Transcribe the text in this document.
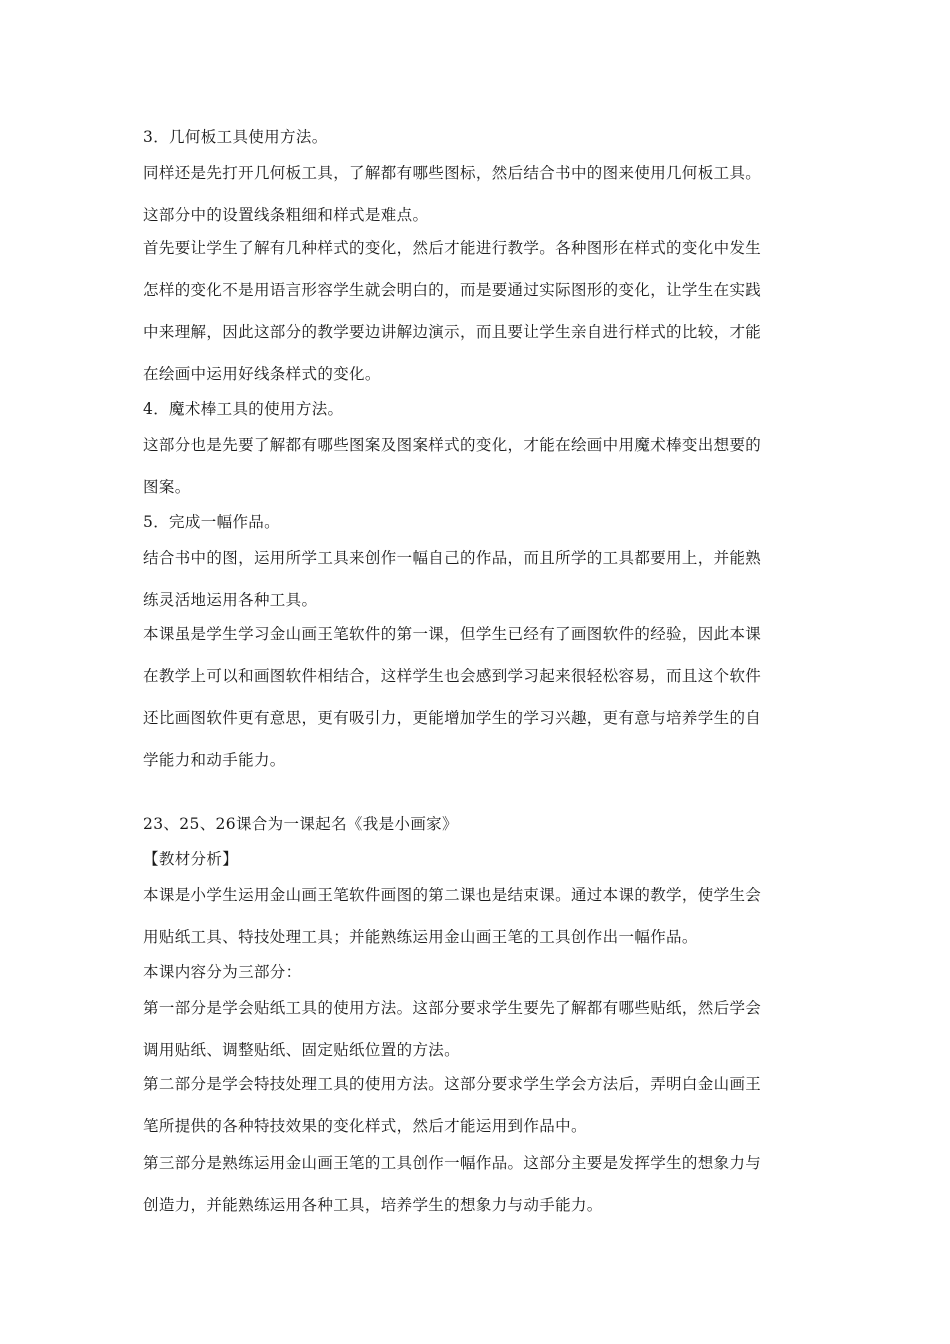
3．几何板工具使用方法。

同样还是先打开几何板工具，了解都有哪些图标，然后结合书中的图来使用几何板工具。

这部分中的设置线条粗细和样式是难点。

首先要让学生了解有几种样式的变化，然后才能进行教学。各种图形在样式的变化中发生

怎样的变化不是用语言形容学生就会明白的，而是要通过实际图形的变化，让学生在实践

中来理解，因此这部分的教学要边讲解边演示，而且要让学生亲自进行样式的比较，才能

在绘画中运用好线条样式的变化。

4．魔术棒工具的使用方法。

这部分也是先要了解都有哪些图案及图案样式的变化，才能在绘画中用魔术棒变出想要的

图案。

5．完成一幅作品。

结合书中的图，运用所学工具来创作一幅自己的作品，而且所学的工具都要用上，并能熟

练灵活地运用各种工具。

本课虽是学生学习金山画王笔软件的第一课，但学生已经有了画图软件的经验，因此本课

在教学上可以和画图软件相结合，这样学生也会感到学习起来很轻松容易，而且这个软件

还比画图软件更有意思，更有吸引力，更能增加学生的学习兴趣，更有意与培养学生的自

学能力和动手能力。

23、25、26课合为一课起名《我是小画家》

【教材分析】

本课是小学生运用金山画王笔软件画图的第二课也是结束课。通过本课的教学，使学生会

用贴纸工具、特技处理工具；并能熟练运用金山画王笔的工具创作出一幅作品。

本课内容分为三部分：

第一部分是学会贴纸工具的使用方法。这部分要求学生要先了解都有哪些贴纸，然后学会

调用贴纸、调整贴纸、固定贴纸位置的方法。

第二部分是学会特技处理工具的使用方法。这部分要求学生学会方法后，弄明白金山画王

笔所提供的各种特技效果的变化样式，然后才能运用到作品中。

第三部分是熟练运用金山画王笔的工具创作一幅作品。这部分主要是发挥学生的想象力与

创造力，并能熟练运用各种工具，培养学生的想象力与动手能力。
